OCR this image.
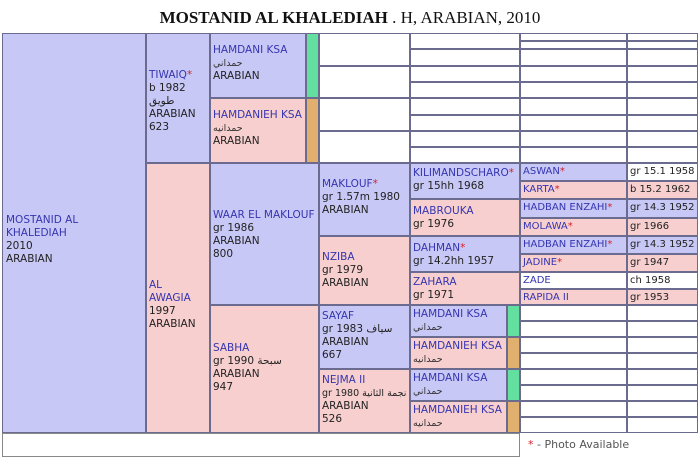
MOSTANID AL KHALEDIAH . H, ARABIAN, 2010
MOSTANID AL KHALEDIAH
2010
ARABIAN
TIWAIQ*
b 1982 طويق
ARABIAN
623
AL AWAGIA
1997
ARABIAN
HAMDANI KSA
حمداني
ARABIAN
HAMDANIEH KSA
حمدانيه
ARABIAN
WAAR EL MAKLOUF
gr 1986
ARABIAN
800
SABHA
gr 1990 سبحة
ARABIAN
947
MAKLOUF*
gr 1.57m 1980
ARABIAN
NZIBA
gr 1979
ARABIAN
SAYAF
gr 1983 سياف
ARABIAN
667
NEJMA II
gr 1980 نجمة الثانية
ARABIAN
526
KILIMANDSCHARO*
gr 15hh 1968
MABROUKA
gr 1976
DAHMAN*
gr 14.2hh 1957
ZAHARA
gr 1971
HAMDANI KSA
حمداني
HAMDANIEH KSA
حمدانيه
HAMDANI KSA
حمداني
HAMDANIEH KSA
حمدانيه
ASWAN*	gr 15.1 1958
KARTA*	b 15.2 1962
HADBAN ENZAHI*	gr 14.3 1952
MOLAWA*	gr 1966
HADBAN ENZAHI*	gr 14.3 1952
JADINE*	gr 1947
ZADE	ch 1958
RAPIDA II	gr 1953
* - Photo Available
